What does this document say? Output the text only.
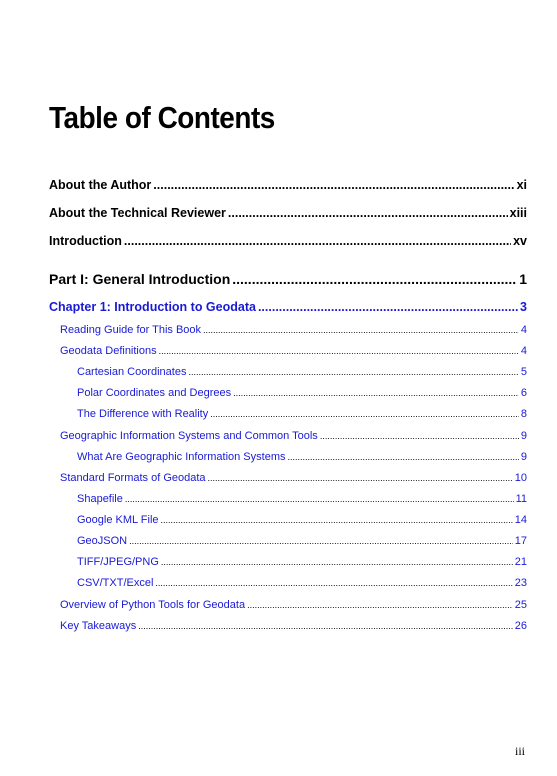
Table of Contents
About the Author .....	xi
About the Technical Reviewer .....	xiii
Introduction .....	xv
Part I: General Introduction .....	1
Chapter 1: Introduction to Geodata .....	3
Reading Guide for This Book .....	4
Geodata Definitions .....	4
Cartesian Coordinates .....	5
Polar Coordinates and Degrees .....	6
The Difference with Reality .....	8
Geographic Information Systems and Common Tools .....	9
What Are Geographic Information Systems .....	9
Standard Formats of Geodata .....	10
Shapefile .....	11
Google KML File .....	14
GeoJSON .....	17
TIFF/JPEG/PNG .....	21
CSV/TXT/Excel .....	23
Overview of Python Tools for Geodata .....	25
Key Takeaways .....	26
iii
